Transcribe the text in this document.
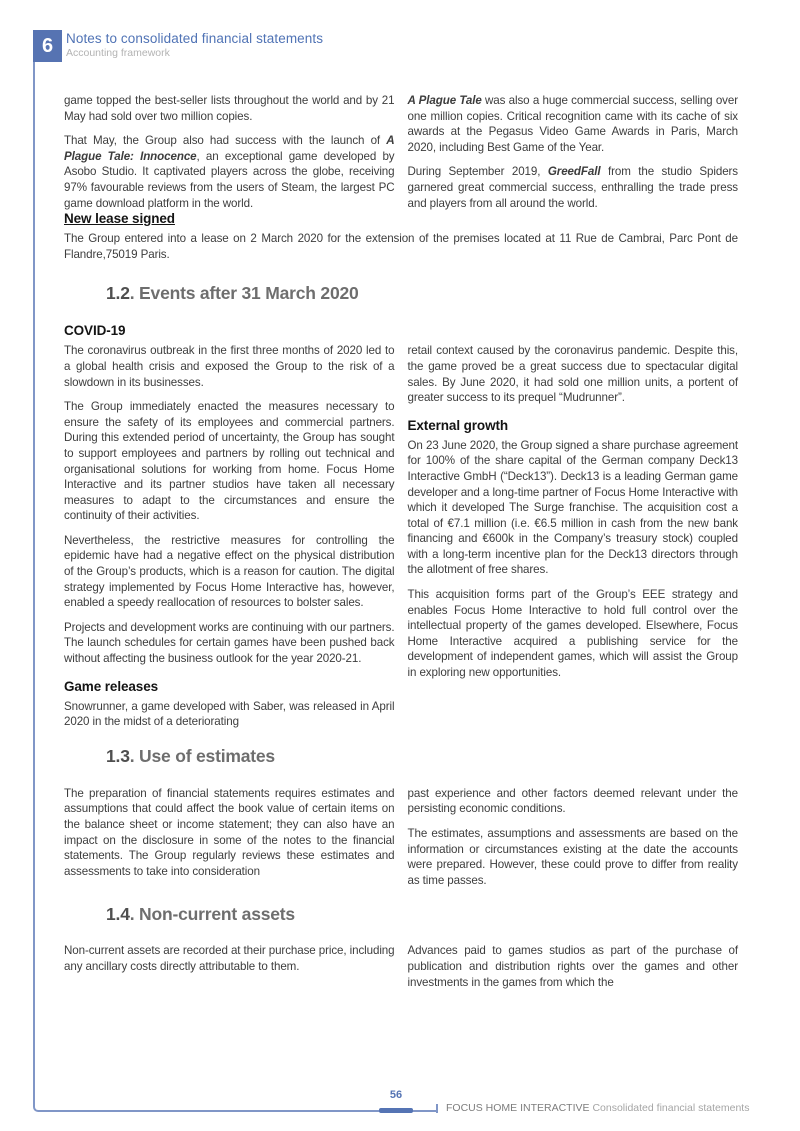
6 Notes to consolidated financial statements
Accounting framework

game topped the best-seller lists throughout the world and by 21 May had sold over two million copies.

That May, the Group also had success with the launch of A Plague Tale: Innocence, an exceptional game developed by Asobo Studio. It captivated players across the globe, receiving 97% favourable reviews from the users of Steam, the largest PC game download platform in the world.

A Plague Tale was also a huge commercial success, selling over one million copies. Critical recognition came with its cache of six awards at the Pegasus Video Game Awards in Paris, March 2020, including Best Game of the Year.

During September 2019, GreedFall from the studio Spiders garnered great commercial success, enthralling the trade press and players from all around the world.

New lease signed

The Group entered into a lease on 2 March 2020 for the extension of the premises located at 11 Rue de Cambrai, Parc Pont de Flandre,75019 Paris.

1.2. Events after 31 March 2020
COVID-19

The coronavirus outbreak in the first three months of 2020 led to a global health crisis and exposed the Group to the risk of a slowdown in its businesses.

The Group immediately enacted the measures necessary to ensure the safety of its employees and commercial partners. During this extended period of uncertainty, the Group has sought to support employees and partners by rolling out technical and organisational solutions for working from home. Focus Home Interactive and its partner studios have taken all necessary measures to adapt to the circumstances and ensure the continuity of their activities.

Nevertheless, the restrictive measures for controlling the epidemic have had a negative effect on the physical distribution of the Group’s products, which is a reason for caution. The digital strategy implemented by Focus Home Interactive has, however, enabled a speedy reallocation of resources to bolster sales.

Projects and development works are continuing with our partners. The launch schedules for certain games have been pushed back without affecting the business outlook for the year 2020-21.

Game releases

Snowrunner, a game developed with Saber, was released in April 2020 in the midst of a deteriorating

retail context caused by the coronavirus pandemic. Despite this, the game proved be a great success due to spectacular digital sales. By June 2020, it had sold one million units, a portent of greater success to its prequel “Mudrunner”.

External growth

On 23 June 2020, the Group signed a share purchase agreement for 100% of the share capital of the German company Deck13 Interactive GmbH (“Deck13”). Deck13 is a leading German game developer and a long-time partner of Focus Home Interactive with which it developed The Surge franchise. The acquisition cost a total of €7.1 million (i.e. €6.5 million in cash from the new bank financing and €600k in the Company’s treasury stock) coupled with a long-term incentive plan for the Deck13 directors through the allotment of free shares.

This acquisition forms part of the Group’s EEE strategy and enables Focus Home Interactive to hold full control over the intellectual property of the games developed. Elsewhere, Focus Home Interactive acquired a publishing service for the development of independent games, which will assist the Group in exploring new opportunities.

1.3. Use of estimates

The preparation of financial statements requires estimates and assumptions that could affect the book value of certain items on the balance sheet or income statement; they can also have an impact on the disclosure in some of the notes to the financial statements. The Group regularly reviews these estimates and assessments to take into consideration

past experience and other factors deemed relevant under the persisting economic conditions.

The estimates, assumptions and assessments are based on the information or circumstances existing at the date the accounts were prepared. However, these could prove to differ from reality as time passes.

1.4. Non-current assets

Non-current assets are recorded at their purchase price, including any ancillary costs directly attributable to them.

Advances paid to games studios as part of the purchase of publication and distribution rights over the games and other investments in the games from which the

56
FOCUS HOME INTERACTIVE Consolidated financial statements
